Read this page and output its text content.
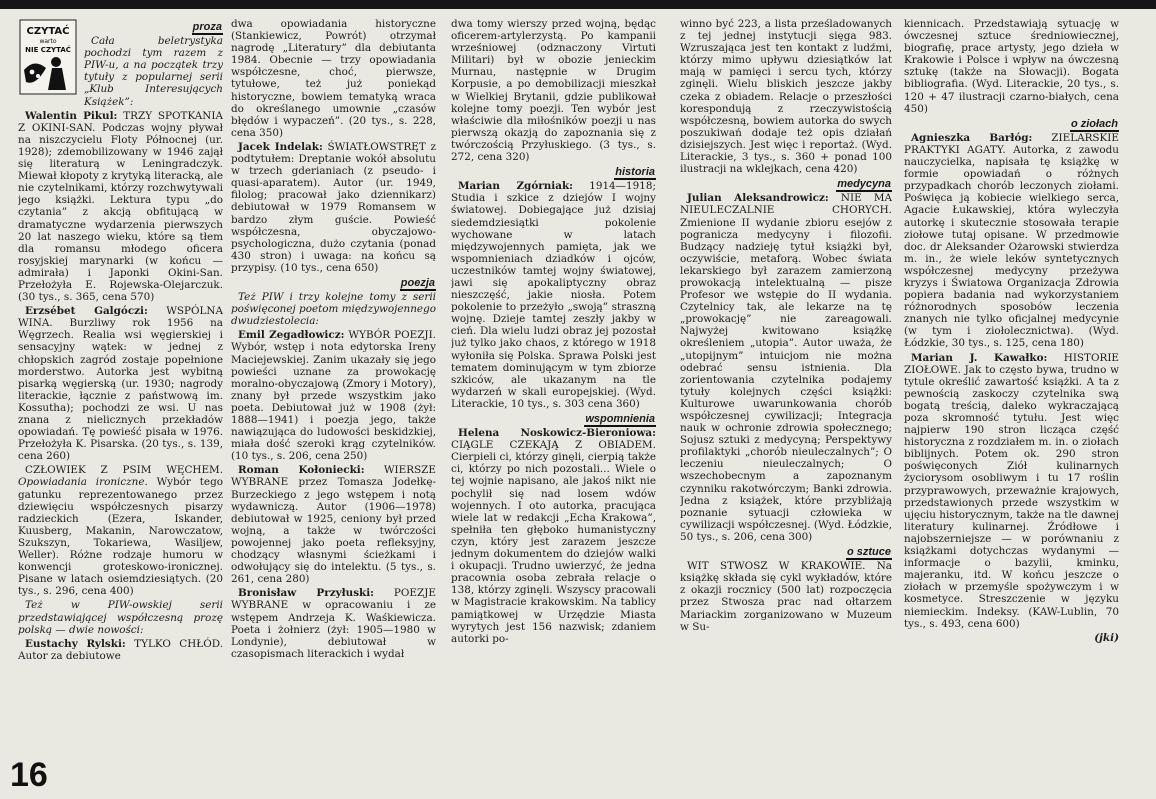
CZYTAĆ
warto
NIE CZYTAĆ
proza

Cała beletrystyka pochodzi tym razem z PIW-u, a na początek trzy tytuły z popularnej serii „Klub Interesujących Książek”:

Walentin Pikul: TRZY SPOTKANIA Z OKINI-SAN. Podczas wojny pływał na niszczycielu Floty Północnej (ur. 1928); zdemobilizowany w 1946 zajął się literaturą w Leningradczyk. Miewał kłopoty z krytyką literacką, ale nie czytelnikami, którzy rozchwytywali jego książki. Lektura typu „do czytania” z akcją obfitującą w dramatyczne wydarzenia pierwszych 20 lat naszego wieku, które są tłem dla romansu młodego oficera rosyjskiej marynarki (w końcu — admirała) i Japonki Okini-San. Przełożyła E. Rojewska-Olejarczuk. (30 tys., s. 365, cena 570)

Erzsébet Galgóczi: WSPÓLNA WINA. Burzliwy rok 1956 na Węgrzech. Realia wsi węgierskiej i sensacyjny wątek: w jednej z chłopskich zagród zostaje popełnione morderstwo. Autorka jest wybitną pisarką węgierską (ur. 1930; nagrody literackie, łącznie z państwową im. Kossutha); pochodzi ze wsi. U nas znana z nielicznych przekładów opowiadań. Tę powieść pisała w 1976. Przełożyła K. Pisarska. (20 tys., s. 139, cena 260)

CZŁOWIEK Z PSIM WĘCHEM. Opowiadania ironiczne. Wybór tego gatunku reprezentowanego przez dziewięciu współczesnych pisarzy radzieckich (Ezera, Iskander, Kuusberg, Makanin, Narowczatow, Szukszyn, Tokariewa, Wasiljew, Weller). Różne rodzaje humoru w konwencji groteskowo-ironicznej. Pisane w latach osiemdziesiątych. (20 tys., s. 296, cena 400)

Też w PIW-owskiej serii przedstawiającej współczesną prozę polską — dwie nowości:

Eustachy Rylski: TYLKO CHŁÓD. Autor za debiutowe

dwa opowiadania historyczne (Stankiewicz, Powrót) otrzymał nagrodę „Literatury” dla debiutanta 1984. Obecnie — trzy opowiadania współczesne, choć, pierwsze, tytułowe, też już poniekąd historyczne, bowiem tematyką wraca do określanego umownie „czasów błędów i wypaczeń”. (20 tys., s. 228, cena 350)

Jacek Indelak: ŚWIATŁOWSTRĘT z podtytułem: Dreptanie wokół absolutu w trzech gderianiach (z pseudo- i quasi-aparatem). Autor (ur. 1949, filolog; pracował jako dziennikarz) debiutował w 1979 Romansem w bardzo złym guście. Powieść współczesna, obyczajowo-psychologiczna, dużo czytania (ponad 430 stron) i uwaga: na końcu są przypisy. (10 tys., cena 650)

poezja

Też PIW i trzy kolejne tomy z serii poświęconej poetom międzywojennego dwudziestolecia:

Emil Zegadłowicz: WYBÓR POEZJI. Wybór, wstęp i nota edytorska Ireny Maciejewskiej. Zanim ukazały się jego powieści uznane za prowokację moralno-obyczajową (Zmory i Motory), znany był przede wszystkim jako poeta. Debiutował już w 1908 (żył: 1888—1941) i poezja jego, także nawiązująca do ludowości beskidzkiej, miała dość szeroki krąg czytelników. (10 tys., s. 206, cena 250)

Roman Kołoniecki: WIERSZE WYBRANE przez Tomasza Jodełkę-Burzeckiego z jego wstępem i notą wydawniczą. Autor (1906—1978) debiutował w 1925, ceniony był przed wojną, a także w twórczości powojennej jako poeta refleksyjny, chodzący własnymi ścieżkami i odwołujący się do intelektu. (5 tys., s. 261, cena 280)

Bronisław Przyłuski: POEZJE WYBRANE w opracowaniu i ze wstępem Andrzeja K. Waśkiewicza. Poeta i żołnierz (żył: 1905—1980 w Londynie), debiutował w czasopismach literackich i wydał

dwa tomy wierszy przed wojną, będąc oficerem-artylerzystą. Po kampanii wrześniowej (odznaczony Virtuti Militari) był w obozie jenieckim Murnau, następnie w Drugim Korpusie, a po demobilizacji mieszkał w Wielkiej Brytanii, gdzie publikował kolejne tomy poezji. Ten wybór jest właściwie dla miłośników poezji u nas pierwszą okazją do zapoznania się z twórczością Przyłuskiego. (3 tys., s. 272, cena 320)

historia

Marian Zgórniak: 1914—1918; Studia i szkice z dziejów I wojny światowej. Dobiegające już dzisiaj siedemdziesiątki pokolenie wychowane w latach międzywojennych pamięta, jak we wspomnieniach dziadków i ojców, uczestników tamtej wojny światowej, jawi się apokaliptyczny obraz nieszczęść, jakie niosła. Potem pokolenie to przeżyło „swoją” straszną wojnę. Dzieje tamtej zeszły jakby w cień. Dla wielu ludzi obraz jej pozostał już tylko jako chaos, z którego w 1918 wyłoniła się Polska. Sprawa Polski jest tematem dominującym w tym zbiorze szkiców, ale ukazanym na tle wydarzeń w skali europejskiej. (Wyd. Literackie, 10 tys., s. 303 cena 360)

wspomnienia

Helena Noskowicz-Bieroniowa: CIĄGLE CZEKAJĄ Z OBIADEM. Cierpieli ci, którzy ginęli, cierpią także ci, którzy po nich pozostali... Wiele o tej wojnie napisano, ale jakoś nikt nie pochylił się nad losem wdów wojennych. I oto autorka, pracująca wiele lat w redakcji „Echa Krakowa”, spełniła ten głęboko humanistyczny czyn, który jest zarazem jeszcze jednym dokumentem do dziejów walki i okupacji. Trudno uwierzyć, że jedna pracownia osoba zebrała relacje o 138, którzy zginęli. Wszyscy pracowali w Magistracie krakowskim. Na tablicy pamiątkowej w Urzędzie Miasta wyrytych jest 156 nazwisk; zdaniem autorki po-

winno być 223, a lista prześladowanych z tej jednej instytucji sięga 983. Wzruszająca jest ten kontakt z ludźmi, którzy mimo upływu dziesiątków lat mają w pamięci i sercu tych, którzy zginęli. Wielu bliskich jeszcze jakby czeka z obiadem. Relacje o przeszłości korespondują z rzeczywistością współczesną, bowiem autorka do swych poszukiwań dodaje też opis działań dzisiejszych. Jest więc i reportaż. (Wyd. Literackie, 3 tys., s. 360 + ponad 100 ilustracji na wklejkach, cena 420)

medycyna

Julian Aleksandrowicz: NIE MA NIEULECZALNIE CHORYCH. Zmienione II wydanie zbioru esejów z pogranicza medycyny i filozofii. Budzący nadzieję tytuł książki był, oczywiście, metaforą. Wobec świata lekarskiego był zarazem zamierzoną prowokacją intelektualną — pisze Profesor we wstępie do II wydania. Czytelnicy tak, ale lekarze na tę „prowokację” nie zareagowali. Najwyżej kwitowano książkę określeniem „utopia”. Autor uważa, że „utopijnym” intuicjom nie można odebrać sensu istnienia. Dla zorientowania czytelnika podajemy tytuły kolejnych części książki: Kulturowe uwarunkowania chorób współczesnej cywilizacji; Integracja nauk w ochronie zdrowia społecznego; Sojusz sztuki z medycyną; Perspektywy profilaktyki „chorób nieuleczalnych”; O leczeniu nieuleczalnych; O wszechobecnym a zapoznanym czynniku rakotwórczym; Banki zdrowia. Jedna z książek, które przybliżają poznanie sytuacji człowieka w cywilizacji współczesnej. (Wyd. Łódzkie, 50 tys., s. 206, cena 300)

o sztuce

WIT STWOSZ W KRAKOWIE. Na książkę składa się cykl wykładów, które z okazji rocznicy (500 lat) rozpoczęcia przez Stwosza prac nad ołtarzem Mariackim zorganizowano w Muzeum w Su-

kiennicach. Przedstawiają sytuację w ówczesnej sztuce średniowiecznej, biografię, prace artysty, jego dzieła w Krakowie i Polsce i wpływ na ówczesną sztukę (także na Słowacji). Bogata bibliografia. (Wyd. Literackie, 20 tys., s. 120 + 47 ilustracji czarno-białych, cena 450)

o ziołach

Agnieszka Barłóg: ZIELARSKIE PRAKTYKI AGATY. Autorka, z zawodu nauczycielka, napisała tę książkę w formie opowiadań o różnych przypadkach chorób leczonych ziołami. Poświęca ją kobiecie wielkiego serca, Agacie Łukawskiej, która wyleczyła autorkę i skutecznie stosowała terapie ziołowe tutaj opisane. W przedmowie doc. dr Aleksander Ożarowski stwierdza m. in., że wiele leków syntetycznych współczesnej medycyny przeżywa kryzys i Światowa Organizacja Zdrowia popiera badania nad wykorzystaniem różnorodnych sposobów leczenia znanych nie tylko oficjalnej medycynie (w tym i ziołolecznictwa). (Wyd. Łódzkie, 30 tys., s. 125, cena 180)

Marian J. Kawałko: HISTORIE ZIOŁOWE. Jak to często bywa, trudno w tytule określić zawartość książki. A ta z pewnością zaskoczy czytelnika swą bogatą treścią, daleko wykraczającą poza skromność tytułu. Jest więc najpierw 190 stron licząca część historyczna z rozdziałem m. in. o ziołach biblijnych. Potem ok. 290 stron poświęconych Ziół kulinarnych życiorysom osobliwym i tu 17 roślin przyprawowych, przeważnie krajowych, przedstawionych przede wszystkim w ujęciu historycznym, także na tle dawnej literatury kulinarnej. Źródłowe i najobszerniejsze — w porównaniu z książkami dotychczas wydanymi — informacje o bazylii, kminku, majeranku, itd. W końcu jeszcze o ziołach w przemyśle spożywczym i w kosmetyce. Streszczenie w języku niemieckim. Indeksy. (KAW-Lublin, 70 tys., s. 493, cena 600)

(jki)
16
